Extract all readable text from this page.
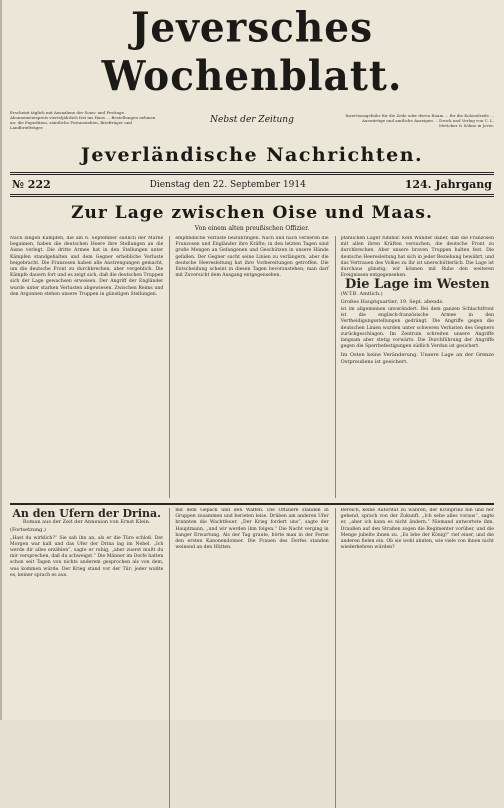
Jeversches Wochenblatt.
Erscheint täglich mit Ausnahme der Sonn- und Festtage. Abonnementspreis vierteljährlich frei ins Haus ... Bestellungen nehmen an: die Expedition, sämtliche Postanstalten, Briefträger und Landbriefträger.
Nebst der Zeitung	Insertionsgebühr für die Zeile oder deren Raum ... für die Kolonelzeile ... Auswärtige und amtliche Anzeigen ... Druck und Verlag von C. L. Mettcker & Söhne in Jever.
Jeverländische Nachrichten.
№ 222	Dienstag den 22. September 1914	124. Jahrgang
Zur Lage zwischen Oise und Maas.
Von einem alten preußischen Offizier.
Nach langen Kämpfen, die am 6. September südlich der Marne begannen, haben die deutschen Heere ihre Stellungen an die Aisne verlegt. Die dritte Armee hat in den Stellungen unter Kämpfen standgehalten und dem Gegner erhebliche Verluste beigebracht. Die Franzosen haben alle Anstrengungen gemacht, um die deutsche Front zu durchbrechen, aber vergeblich. Die Kämpfe dauern fort und es zeigt sich, daß die deutschen Truppen sich der Lage gewachsen erweisen. Der Angriff der Engländer wurde unter starken Verlusten abgewiesen. Zwischen Reims und den Argonnen stehen unsere Truppen in günstigen Stellungen.
empfindliche Verluste beizubringen. Nach und nach verlieren die Franzosen und Engländer ihre Kräfte; in den letzten Tagen sind große Mengen an Gefangenen und Geschützen in unsere Hände gefallen. Der Gegner sucht seine Linien zu verlängern, aber die deutsche Heeresleitung hat ihre Vorbereitungen getroffen. Die Entscheidung scheint in diesen Tagen bevorzustehen; man darf mit Zuversicht dem Ausgang entgegensehen.
pfählichen Lager fühlbar. Kein Wunder daher, daß die Franzosen mit allen ihren Kräften versuchen, die deutsche Front zu durchbrechen. Aber unsere braven Truppen halten fest. Die deutsche Heeresleitung hat sich in jeder Beziehung bewährt, und das Vertrauen des Volkes zu ihr ist unerschütterlich. Die Lage ist durchaus günstig; wir können mit Ruhe den weiteren Ereignissen entgegensehen.
Die Lage im Westen
(W.T.B. Amtlich.)
Großes Hauptquartier, 19. Sept. abends.
ist im allgemeinen unverändert. Bei dem ganzen Schlachtfront ist die englisch-französische Armee in den Vertheidigungsstellungen gedrängt. Die Angriffe gegen die deutschen Linien wurden unter schweren Verlusten des Gegners zurückgeschlagen. Im Zentrum schreiten unsere Angriffe langsam aber stetig vorwärts. Die Durchführung der Angriffe gegen die Sperrbefestigungen südlich Verdun ist gesichert.
Im Osten keine Veränderung. Unsere Lage an der Grenze Ostpreußens ist gesichert.
An den Ufern der Drina.
Roman aus der Zeit der Annexion von Ernst Klein.
(Fortsetzung.)
„Hast du wirklich?“ Sie sah ihn an, als er die Türe schloß. Der Morgen war kalt und das Ufer der Drina lag im Nebel. „Ich werde dir alles erzählen“, sagte er ruhig, „aber zuerst mußt du mir versprechen, daß du schweigst.“ Die Männer im Dorfe hatten schon seit Tagen von nichts anderem gesprochen als von dem, was kommen würde. Der Krieg stand vor der Tür; jeder wußte es, keiner sprach es aus.
mit dem Gepäck und den Waffen. Die Offiziere standen in Gruppen zusammen und berieten leise. Drüben am anderen Ufer brannten die Wachtfeuer. „Der Krieg fordert uns“, sagte der Hauptmann, „und wir werden ihm folgen.“ Die Nacht verging in banger Erwartung. Als der Tag graute, hörte man in der Ferne den ersten Kanonendonner. Die Frauen des Dorfes standen weinend an den Hütten.
Bereich, keine Autorität zu wahren, der Kronprinz hin und her gehend, sprach von der Zukunft. „Ich sehe alles voraus“, sagte er, „aber ich kann es nicht ändern.“ Niemand antwortete ihm. Draußen auf den Straßen zogen die Regimenter vorüber, und die Menge jubelte ihnen zu. „Es lebe der König!“ rief einer, und die anderen fielen ein. Ob sie wohl ahnten, wie viele von ihnen nicht wiederkehren würden?
